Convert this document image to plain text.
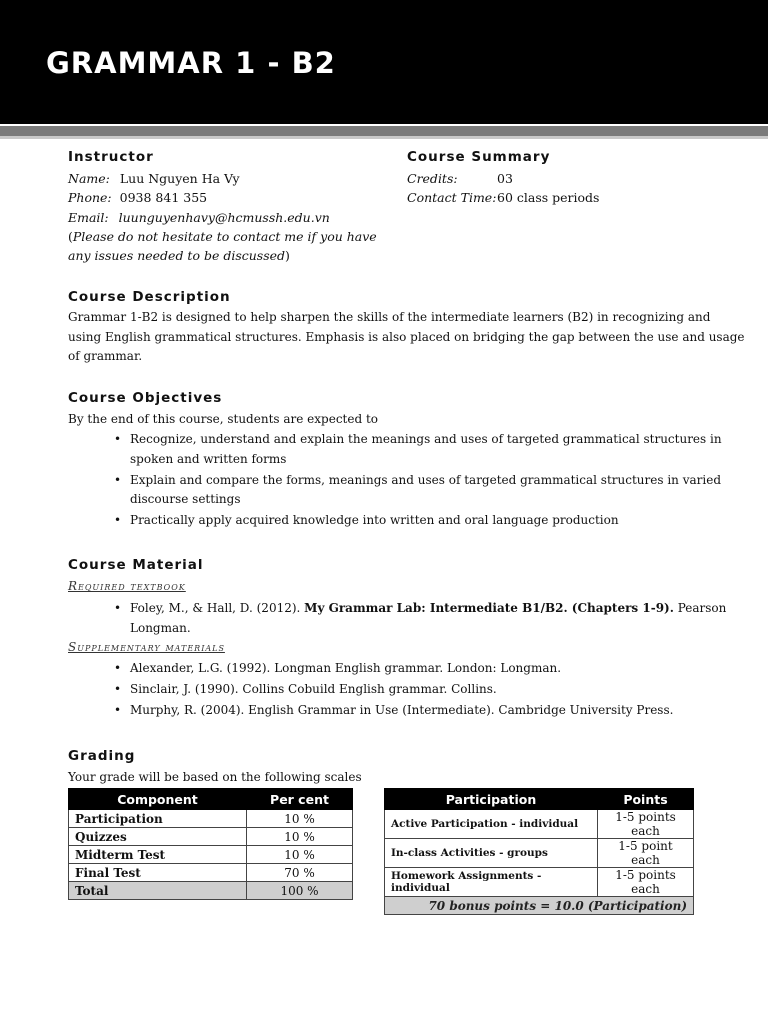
GRAMMAR 1 - B2
Instructor
Name: Luu Nguyen Ha Vy
Phone: 0938 841 355
Email: luunguyenhavy@hcmussh.edu.vn
(Please do not hesitate to contact me if you have
any issues needed to be discussed)
Course Summary
Credits:	03
Contact Time: 60 class periods
Course Description
Grammar 1-B2 is designed to help sharpen the skills of the intermediate learners (B2) in recognizing and
using English grammatical structures. Emphasis is also placed on bridging the gap between the use and usage
of grammar.
Course Objectives
By the end of this course, students are expected to
• Recognize, understand and explain the meanings and uses of targeted grammatical structures in
spoken and written forms
• Explain and compare the forms, meanings and uses of targeted grammatical structures in varied
discourse settings
• Practically apply acquired knowledge into written and oral language production
Course Material
Required textbook
• Foley, M., & Hall, D. (2012). My Grammar Lab: Intermediate B1/B2. (Chapters 1-9). Pearson
Longman.
Supplementary materials
• Alexander, L.G. (1992). Longman English grammar. London: Longman.
• Sinclair, J. (1990). Collins Cobuild English grammar. Collins.
• Murphy, R. (2004). English Grammar in Use (Intermediate). Cambridge University Press.
Grading
Your grade will be based on the following scales
Component	Per cent
Participation	10 %
Quizzes	10 %
Midterm Test	10 %
Final Test	70 %
Total	100 %
Participation	Points
Active Participation - individual	1-5 points each
In-class Activities - groups	1-5 point each
Homework Assignments - individual	1-5 points each
70 bonus points = 10.0 (Participation)	
